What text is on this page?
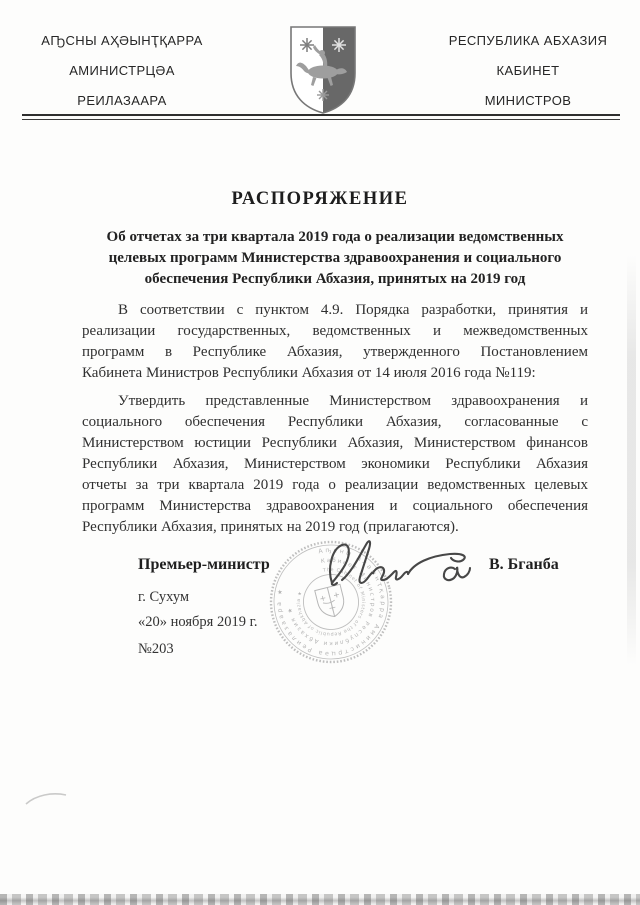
АҦСНЫ АҲӘЫНҬҚАРРА
АМИНИСТРЦӘА
РЕИЛАЗААРА
РЕСПУБЛИКА АБХАЗИЯ
КАБИНЕТ
МИНИСТРОВ
РАСПОРЯЖЕНИЕ
Об отчетах за три квартала 2019 года о реализации ведомственных
целевых программ Министерства здравоохранения и социального
обеспечения Республики Абхазия, принятых на 2019 год
В соответствии с пунктом 4.9. Порядка разработки, принятия и
реализации государственных, ведомственных и межведомственных
программ в Республике Абхазия, утвержденного Постановлением
Кабинета Министров Республики Абхазия от 14 июля 2016 года №119:
Утвердить представленные Министерством здравоохранения и
социального обеспечения Республики Абхазия, согласованные с
Министерством юстиции Республики Абхазия, Министерством финансов
Республики Абхазия, Министерством экономики Республики Абхазия
отчеты за три квартала 2019 года о реализации ведомственных целевых
программ Министерства здравоохранения и социального обеспечения
Республики Абхазия, принятых на 2019 год (прилагаются).
Премьер-министр	В. Бганба
Аҧсны Аҳәынҭқарра Аминистрцәа Реилазаара ★
Кабинет Министров Республики Абхазия ★
The Cabinet of Ministers of the Republic of Abkhazia ★
г. Сухум
«20» ноября 2019 г.
№203
